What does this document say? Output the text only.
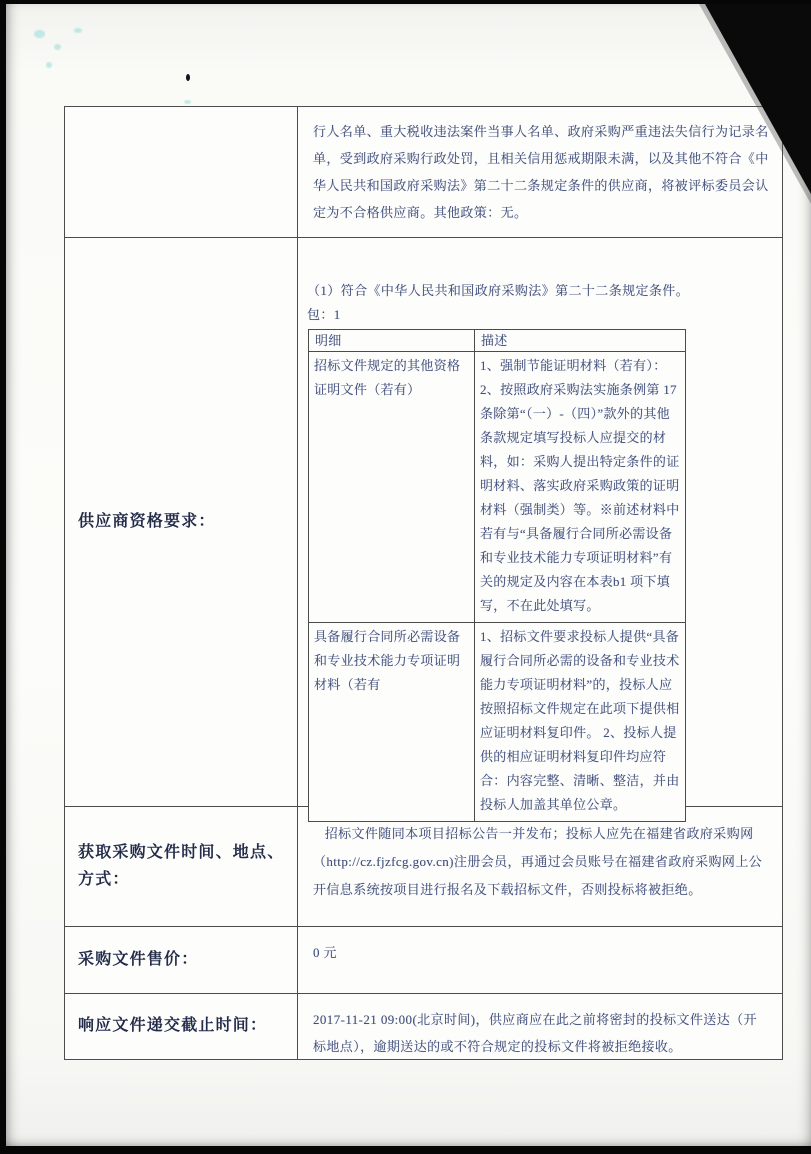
行人名单、重大税收违法案件当事人名单、政府采购严重违法失信行为记录名单，受到政府采购行政处罚，且相关信用惩戒期限未满，以及其他不符合《中华人民共和国政府采购法》第二十二条规定条件的供应商，将被评标委员会认定为不合格供应商。其他政策：无。

供应商资格要求：

（1）符合《中华人民共和国政府采购法》第二十二条规定条件。

包：1

明细	描述
招标文件规定的其他资格证明文件（若有）	1、强制节能证明材料（若有）： 2、按照政府采购法实施条例第 17 条除第“（一）-（四）”款外的其他条款规定填写投标人应提交的材料，如：采购人提出特定条件的证明材料、落实政府采购政策的证明材料（强制类）等。※前述材料中若有与“具备履行合同所必需设备和专业技术能力专项证明材料”有关的规定及内容在本表b1 项下填写，不在此处填写。
具备履行合同所必需设备和专业技术能力专项证明材料（若有	1、招标文件要求投标人提供“具备履行合同所必需的设备和专业技术能力专项证明材料”的，投标人应按照招标文件规定在此项下提供相应证明材料复印件。 2、投标人提供的相应证明材料复印件均应符合：内容完整、清晰、整洁，并由投标人加盖其单位公章。
获取采购文件时间、地点、方式：

招标文件随同本项目招标公告一并发布；投标人应先在福建省政府采购网（http://cz.fjzfcg.gov.cn)注册会员，再通过会员账号在福建省政府采购网上公开信息系统按项目进行报名及下载招标文件，否则投标将被拒绝。

采购文件售价：	0 元

响应文件递交截止时间：	2017-11-21 09:00(北京时间)，供应商应在此之前将密封的投标文件送达（开标地点），逾期送达的或不符合规定的投标文件将被拒绝接收。
